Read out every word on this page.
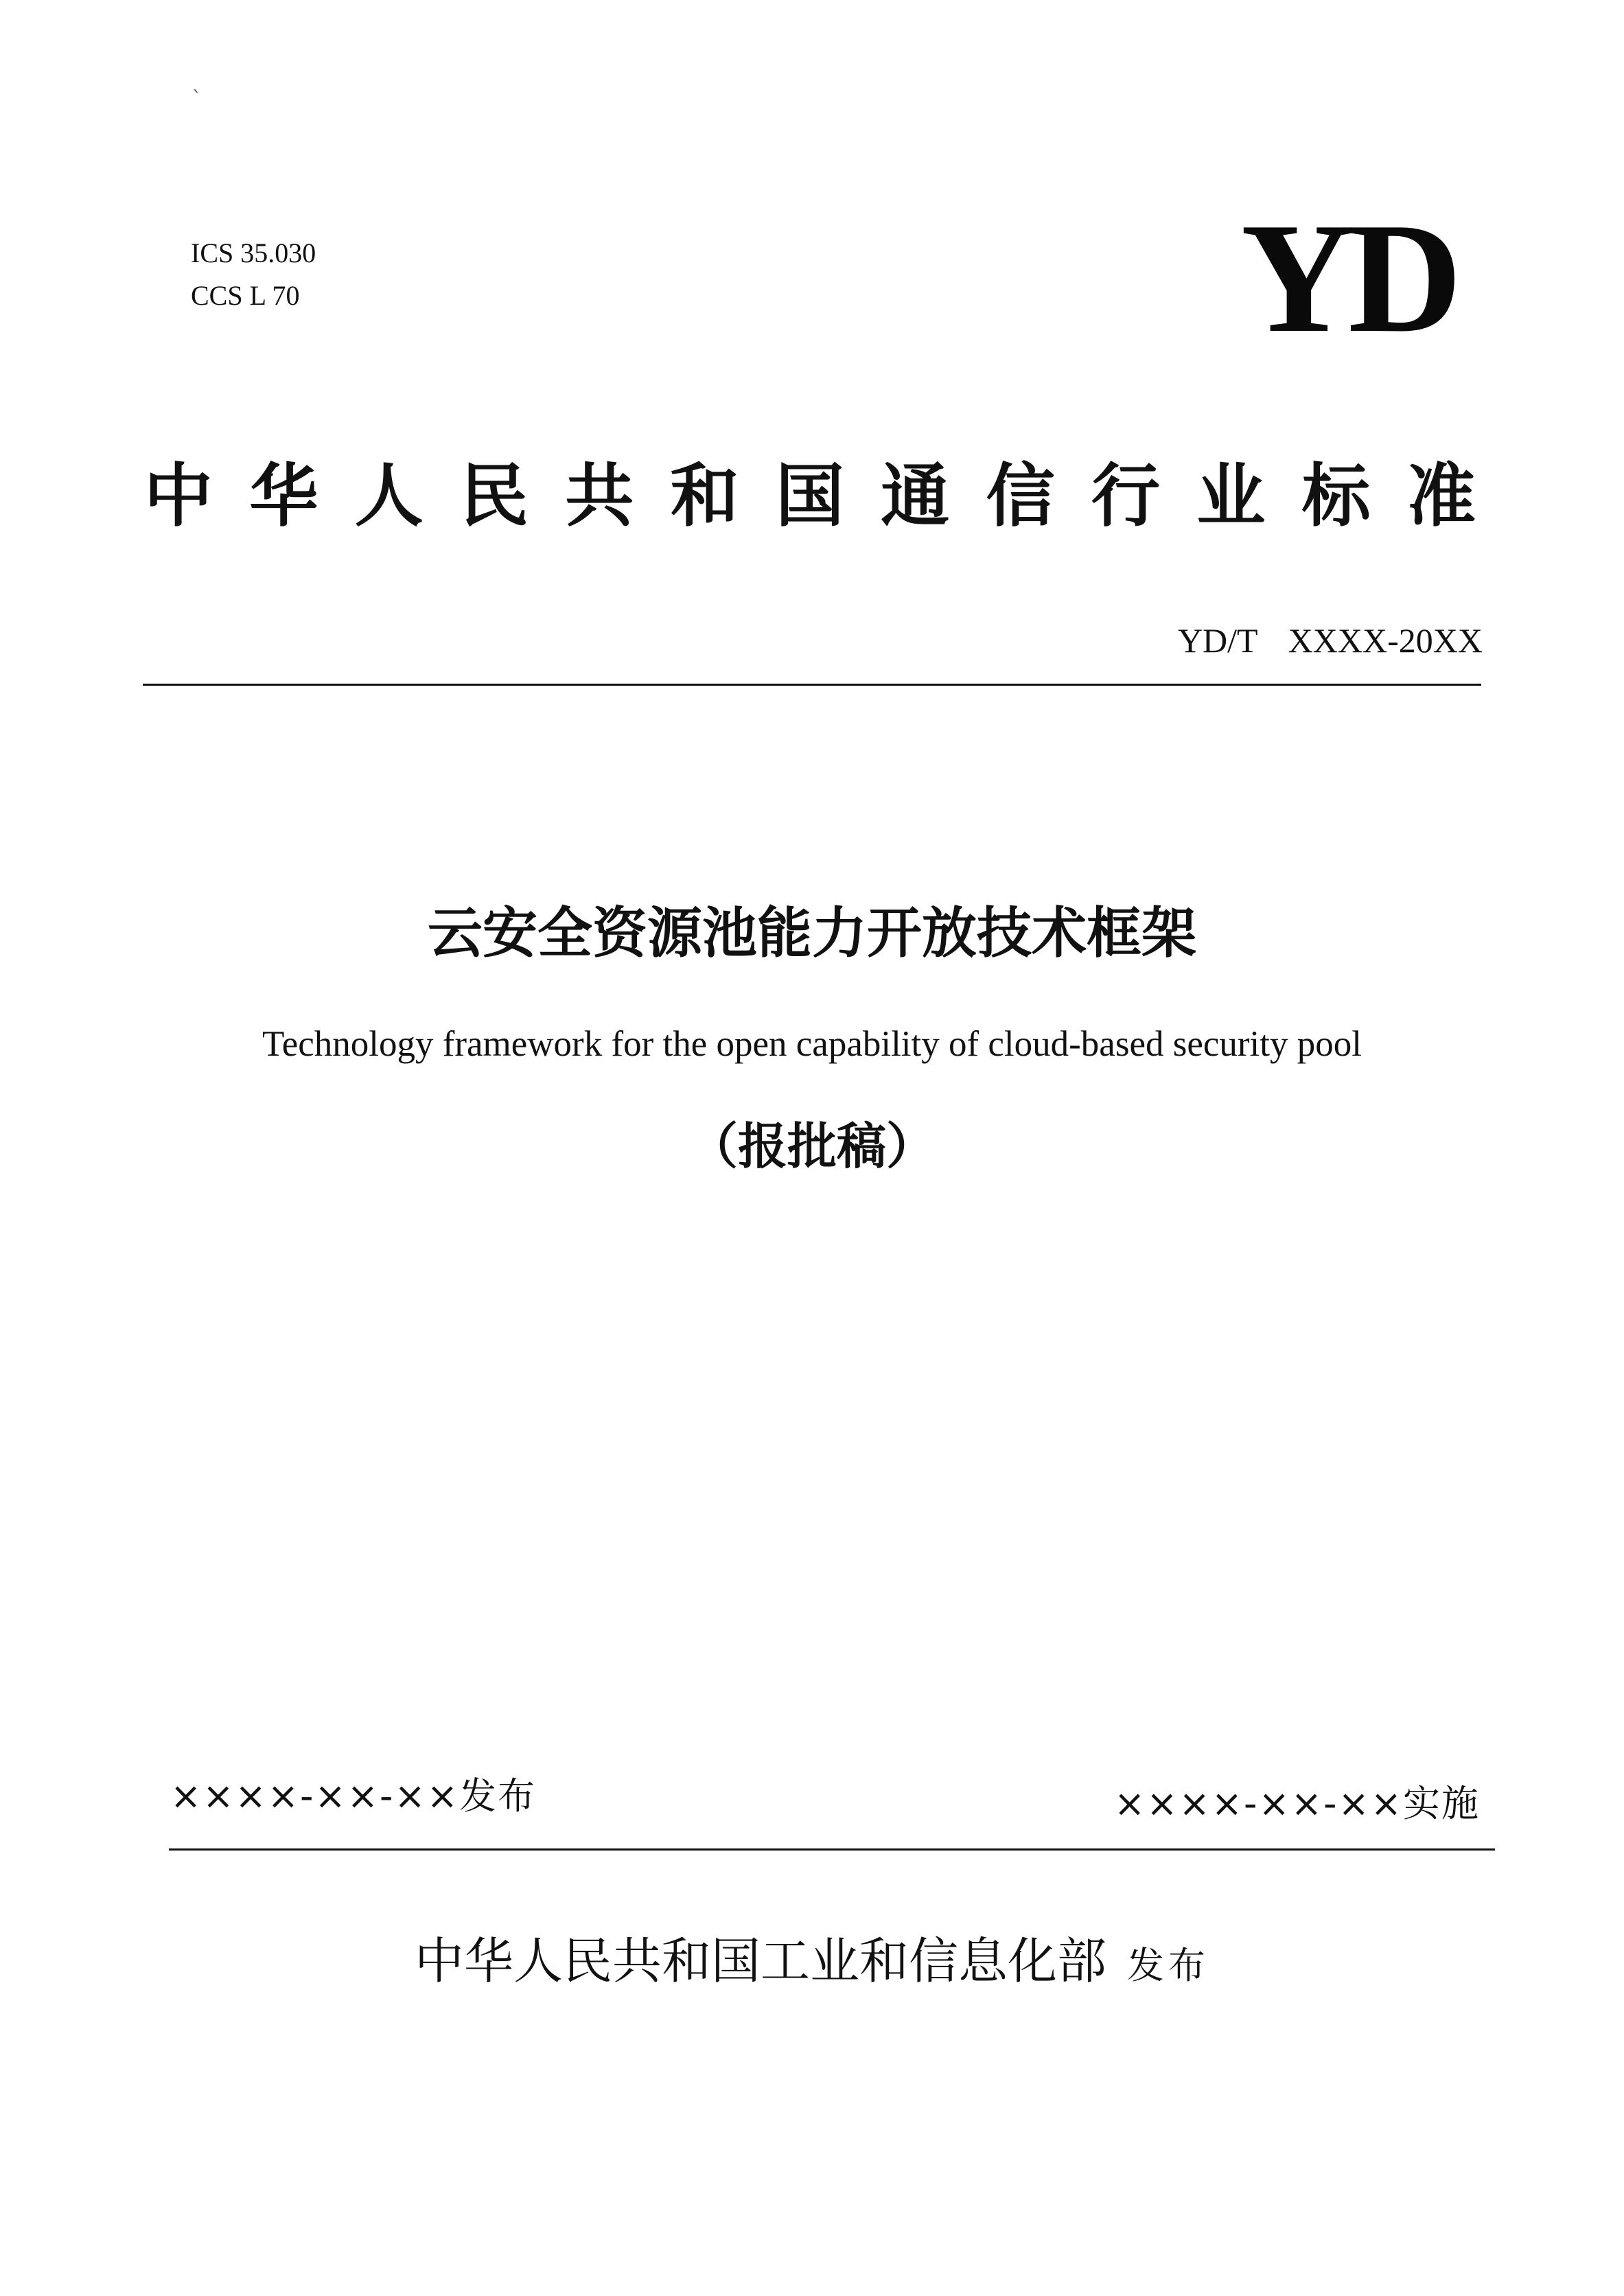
`
ICS 35.030
CCS L 70	YD
中 华 人 民 共 和 国 通 信 行 业 标 准
YD/T  XXXX-20XX
云安全资源池能力开放技术框架
Technology framework for the open capability of cloud-based security pool
（报批稿）
××××-××-××发布	××××-××-××实施
中华人民共和国工业和信息化部 发布
